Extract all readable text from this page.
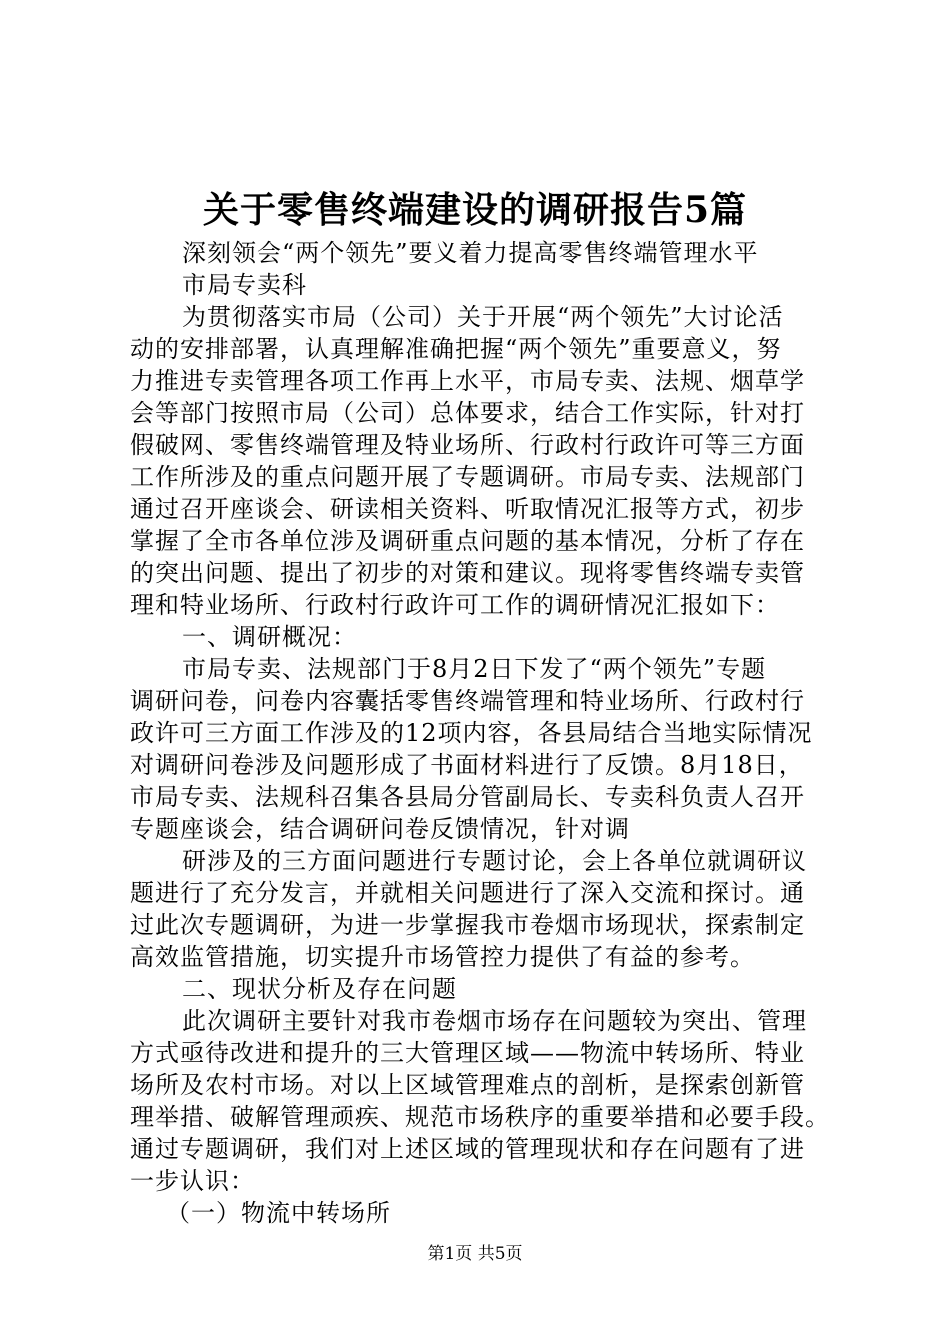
关于零售终端建设的调研报告5篇
深刻领会“两个领先”要义着力提高零售终端管理水平
市局专卖科
为贯彻落实市局（公司）关于开展“两个领先”大讨论活
动的安排部署，认真理解准确把握“两个领先”重要意义，努
力推进专卖管理各项工作再上水平，市局专卖、法规、烟草学
会等部门按照市局（公司）总体要求，结合工作实际，针对打
假破网、零售终端管理及特业场所、行政村行政许可等三方面
工作所涉及的重点问题开展了专题调研。市局专卖、法规部门
通过召开座谈会、研读相关资料、听取情况汇报等方式，初步
掌握了全市各单位涉及调研重点问题的基本情况，分析了存在
的突出问题、提出了初步的对策和建议。现将零售终端专卖管
理和特业场所、行政村行政许可工作的调研情况汇报如下：
一、调研概况：
市局专卖、法规部门于8月2日下发了“两个领先”专题
调研问卷，问卷内容囊括零售终端管理和特业场所、行政村行
政许可三方面工作涉及的12项内容，各县局结合当地实际情况
对调研问卷涉及问题形成了书面材料进行了反馈。8月18日，
市局专卖、法规科召集各县局分管副局长、专卖科负责人召开
专题座谈会，结合调研问卷反馈情况，针对调
研涉及的三方面问题进行专题讨论，会上各单位就调研议
题进行了充分发言，并就相关问题进行了深入交流和探讨。通
过此次专题调研，为进一步掌握我市卷烟市场现状，探索制定
高效监管措施，切实提升市场管控力提供了有益的参考。
二、现状分析及存在问题
此次调研主要针对我市卷烟市场存在问题较为突出、管理
方式亟待改进和提升的三大管理区域——物流中转场所、特业
场所及农村市场。对以上区域管理难点的剖析，是探索创新管
理举措、破解管理顽疾、规范市场秩序的重要举措和必要手段。
通过专题调研，我们对上述区域的管理现状和存在问题有了进
一步认识：
（一）物流中转场所
第1页 共5页
